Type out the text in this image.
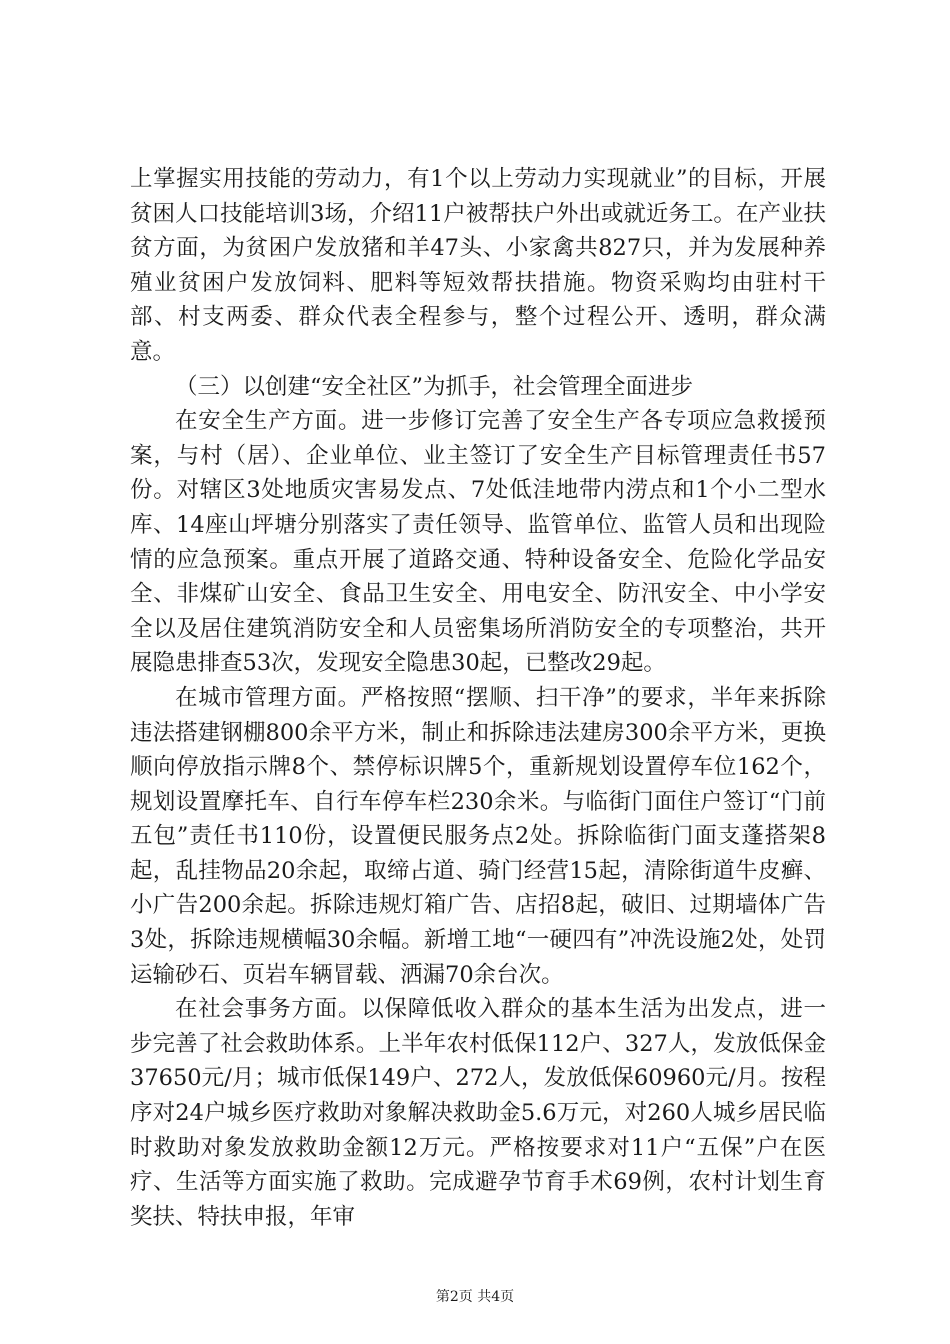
上掌握实用技能的劳动力，有1个以上劳动力实现就业”的目标，开展贫困人口技能培训3场，介绍11户被帮扶户外出或就近务工。在产业扶贫方面，为贫困户发放猪和羊47头、小家禽共827只，并为发展种养殖业贫困户发放饲料、肥料等短效帮扶措施。物资采购均由驻村干部、村支两委、群众代表全程参与，整个过程公开、透明，群众满意。

（三）以创建“安全社区”为抓手，社会管理全面进步

在安全生产方面。进一步修订完善了安全生产各专项应急救援预案，与村（居）、企业单位、业主签订了安全生产目标管理责任书57份。对辖区3处地质灾害易发点、7处低洼地带内涝点和1个小二型水库、14座山坪塘分别落实了责任领导、监管单位、监管人员和出现险情的应急预案。重点开展了道路交通、特种设备安全、危险化学品安全、非煤矿山安全、食品卫生安全、用电安全、防汛安全、中小学安全以及居住建筑消防安全和人员密集场所消防安全的专项整治，共开展隐患排查53次，发现安全隐患30起，已整改29起。

在城市管理方面。严格按照“摆顺、扫干净”的要求，半年来拆除违法搭建钢棚800余平方米，制止和拆除违法建房300余平方米，更换顺向停放指示牌8个、禁停标识牌5个，重新规划设置停车位162个，规划设置摩托车、自行车停车栏230余米。与临街门面住户签订“门前五包”责任书110份，设置便民服务点2处。拆除临街门面支蓬搭架8起，乱挂物品20余起，取缔占道、骑门经营15起，清除街道牛皮癣、小广告200余起。拆除违规灯箱广告、店招8起，破旧、过期墙体广告3处，拆除违规横幅30余幅。新增工地“一硬四有”冲洗设施2处，处罚运输砂石、页岩车辆冒载、洒漏70余台次。

在社会事务方面。以保障低收入群众的基本生活为出发点，进一步完善了社会救助体系。上半年农村低保112户、327人，发放低保金37650元/月；城市低保149户、272人，发放低保60960元/月。按程序对24户城乡医疗救助对象解决救助金5.6万元，对260人城乡居民临时救助对象发放救助金额12万元。严格按要求对11户“五保”户在医疗、生活等方面实施了救助。完成避孕节育手术69例，农村计划生育奖扶、特扶申报，年审

第2页 共4页
